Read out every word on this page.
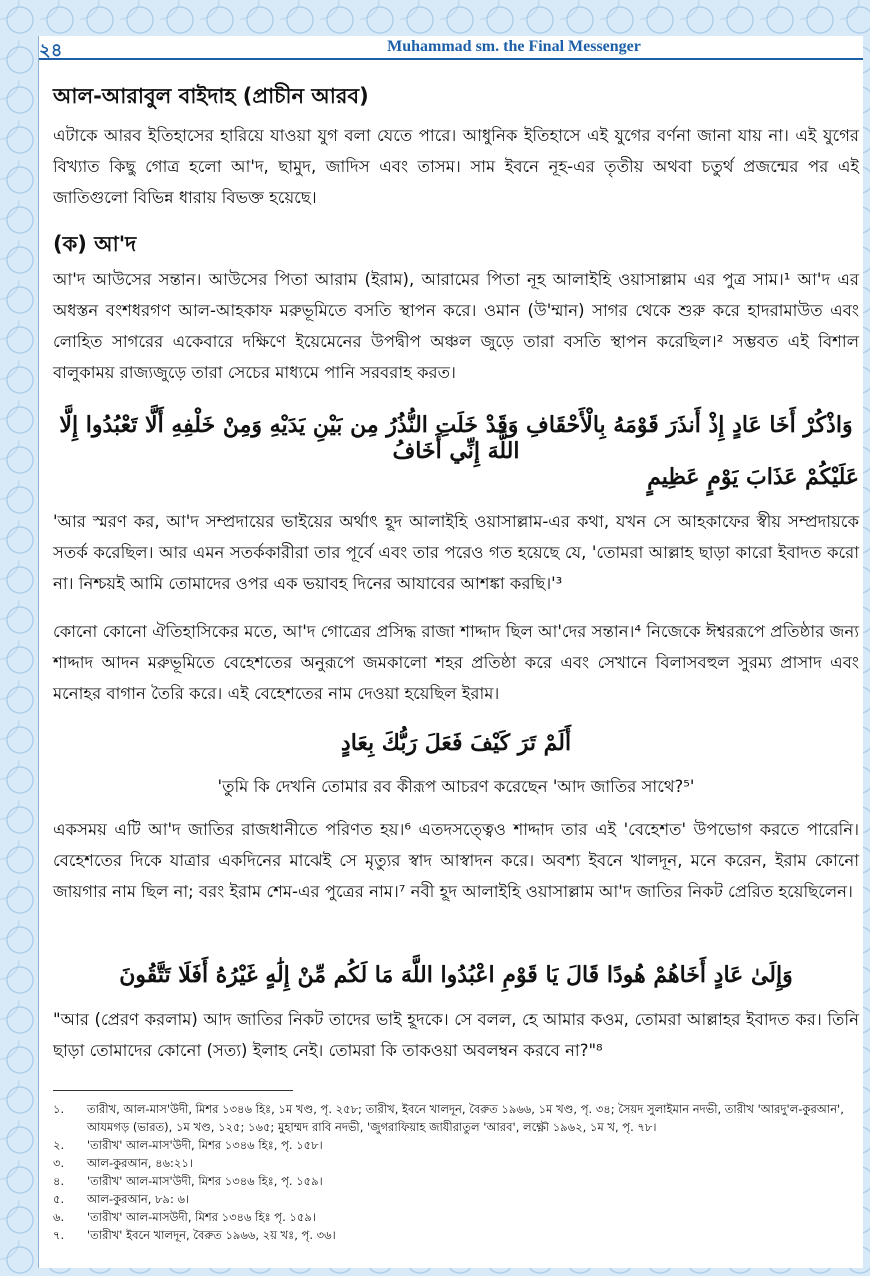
২৪	Muhammad sm. the Final Messenger
আল-আরাবুল বাইদাহ (প্রাচীন আরব)
এটাকে আরব ইতিহাসের হারিয়ে যাওয়া যুগ বলা যেতে পারে। আধুনিক ইতিহাসে এই যুগের বর্ণনা জানা যায় না। এই যুগের বিখ্যাত কিছু গোত্র হলো আ'দ, ছামুদ, জাদিস এবং তাসম। সাম ইবনে নূহ-এর তৃতীয় অথবা চতুর্থ প্রজন্মের পর এই জাতিগুলো বিভিন্ন ধারায় বিভক্ত হয়েছে।
(ক) আ'দ
আ'দ আউসের সন্তান। আউসের পিতা আরাম (ইরাম), আরামের পিতা নূহ আলাইহি ওয়াসাল্লাম এর পুত্র সাম।¹ আ'দ এর অধস্তন বংশধরগণ আল-আহকাফ মরুভূমিতে বসতি স্থাপন করে। ওমান (উ'ম্মান) সাগর থেকে শুরু করে হাদরামাউত এবং লোহিত সাগরের একেবারে দক্ষিণে ইয়েমেনের উপদ্বীপ অঞ্চল জুড়ে তারা বসতি স্থাপন করেছিল।² সম্ভবত এই বিশাল বালুকাময় রাজ্যজুড়ে তারা সেচের মাধ্যমে পানি সরবরাহ করত।
وَاذْكُرْ أَخَا عَادٍ إِذْ أَنذَرَ قَوْمَهُ بِالْأَحْقَافِ وَقَدْ خَلَتِ النُّذُرُ مِن بَيْنِ يَدَيْهِ وَمِنْ خَلْفِهِ أَلَّا تَعْبُدُوا إِلَّا اللَّهَ إِنِّي أَخَافُ
عَلَيْكُمْ عَذَابَ يَوْمٍ عَظِيمٍ
'আর স্মরণ কর, আ'দ সম্প্রদায়ের ভাইয়ের অর্থাৎ হূদ আলাইহি ওয়াসাল্লাম-এর কথা, যখন সে আহকাফের স্বীয় সম্প্রদায়কে সতর্ক করেছিল। আর এমন সতর্ককারীরা তার পূর্বে এবং তার পরেও গত হয়েছে যে, 'তোমরা আল্লাহ ছাড়া কারো ইবাদত করো না। নিশ্চয়ই আমি তোমাদের ওপর এক ভয়াবহ দিনের আযাবের আশঙ্কা করছি।'³
কোনো কোনো ঐতিহাসিকের মতে, আ'দ গোত্রের প্রসিদ্ধ রাজা শাদ্দাদ ছিল আ'দের সন্তান।⁴ নিজেকে ঈশ্বররূপে প্রতিষ্ঠার জন্য শাদ্দাদ আদন মরুভূমিতে বেহেশতের অনুরূপে জমকালো শহর প্রতিষ্ঠা করে এবং সেখানে বিলাসবহুল সুরম্য প্রাসাদ এবং মনোহর বাগান তৈরি করে। এই বেহেশতের নাম দেওয়া হয়েছিল ইরাম।
أَلَمْ تَرَ كَيْفَ فَعَلَ رَبُّكَ بِعَادٍ
'তুমি কি দেখনি তোমার রব কীরূপ আচরণ করেছেন 'আদ জাতির সাথে?⁵'
একসময় এটি আ'দ জাতির রাজধানীতে পরিণত হয়।⁶ এতদসত্ত্বেও শাদ্দাদ তার এই 'বেহেশত' উপভোগ করতে পারেনি। বেহেশতের দিকে যাত্রার একদিনের মাঝেই সে মৃত্যুর স্বাদ আস্বাদন করে। অবশ্য ইবনে খালদূন, মনে করেন, ইরাম কোনো জায়গার নাম ছিল না; বরং ইরাম শেম-এর পুত্রের নাম।⁷ নবী হূদ আলাইহি ওয়াসাল্লাম আ'দ জাতির নিকট প্রেরিত হয়েছিলেন।
وَإِلَىٰ عَادٍ أَخَاهُمْ هُودًا قَالَ يَا قَوْمِ اعْبُدُوا اللَّهَ مَا لَكُم مِّنْ إِلَٰهٍ غَيْرُهُ أَفَلَا تَتَّقُونَ
"আর (প্রেরণ করলাম) আদ জাতির নিকট তাদের ভাই হূদকে। সে বলল, হে আমার কওম, তোমরা আল্লাহর ইবাদত কর। তিনি ছাড়া তোমাদের কোনো (সত্য) ইলাহ নেই। তোমরা কি তাকওয়া অবলম্বন করবে না?"⁸
১.	তারীখ, আল-মাস'উদী, মিশর ১৩৪৬ হিঃ, ১ম খণ্ড, পৃ. ২৫৮; তারীখ, ইবনে খালদূন, বৈরুত ১৯৬৬, ১ম খণ্ড, পৃ. ৩৪; সৈয়দ সুলাইমান নদভী, তারীখ 'আরদু'ল-কুরআন', আযমগড় (ভারত), ১ম খণ্ড, ১২৫; ১৬৫; মুহাম্মদ রাবি নদভী, 'জুগরাফিয়াহ জাযীরাতুল 'আরব', লক্ষ্ণৌ ১৯৬২, ১ম খ, পৃ. ৭৮।
২.	'তারীখ' আল-মাস'উদী, মিশর ১৩৪৬ হিঃ, পৃ. ১৫৮।
৩.	আল-কুরআন, ৪৬:২১।
৪.	'তারীখ' আল-মাস'উদী, মিশর ১৩৪৬ হিঃ, পৃ. ১৫৯।
৫.	আল-কুরআন, ৮৯: ৬।
৬.	'তারীখ' আল-মাসউদী, মিশর ১৩৪৬ হিঃ পৃ. ১৫৯।
৭.	'তারীখ' ইবনে খালদূন, বৈরুত ১৯৬৬, ২য় খঃ, পৃ. ৩৬।
